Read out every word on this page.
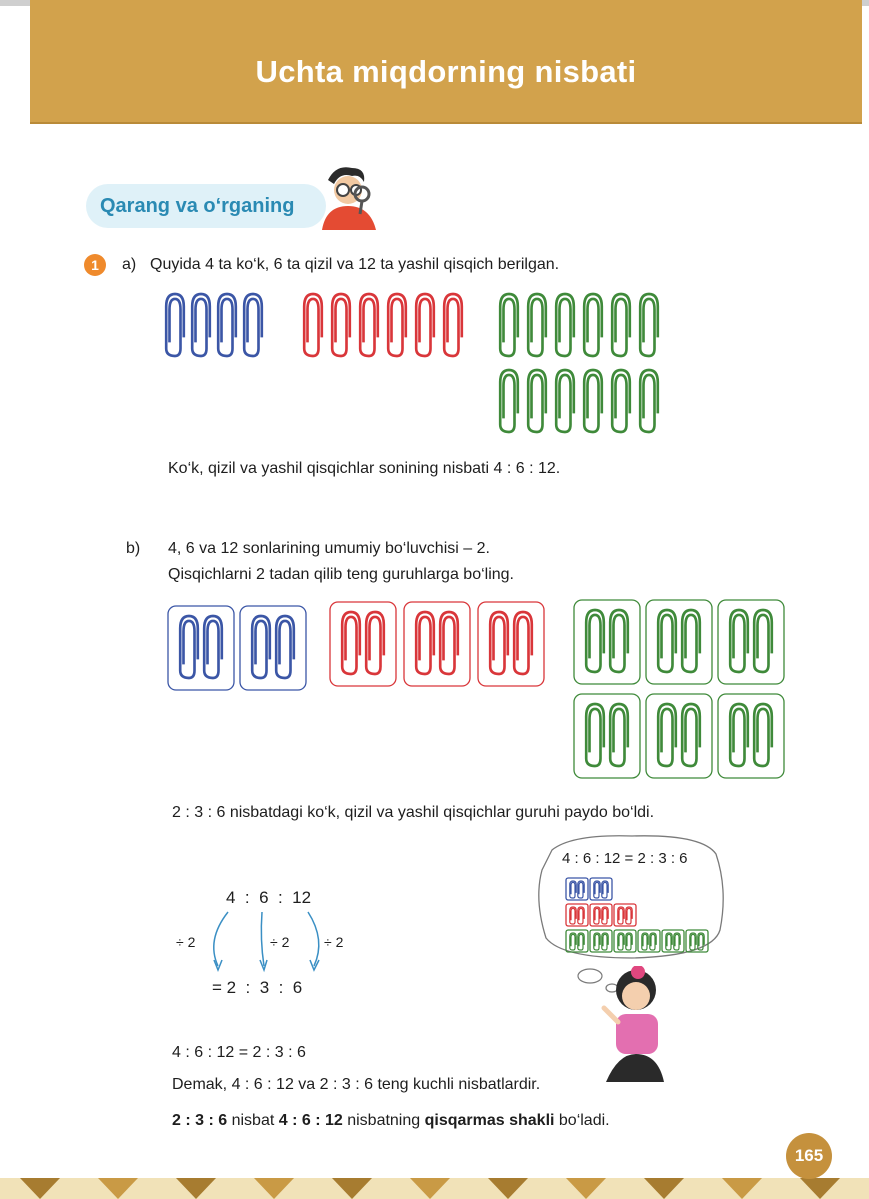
Uchta miqdorning nisbati
Qarang va o‘rganing
1	a) Quyida 4 ta ko‘k, 6 ta qizil va 12 ta yashil qisqich berilgan.
Ko‘k, qizil va yashil qisqichlar sonining nisbati 4 : 6 : 12.
b) 4, 6 va 12 sonlarining umumiy bo‘luvchisi – 2.
Qisqichlarni 2 tadan qilib teng guruhlarga bo‘ling.
2 : 3 : 6 nisbatdagi ko‘k, qizil va yashil qisqichlar guruhi paydo bo‘ldi.
4  :  6  :  12
÷ 2	÷ 2 ÷ 2
= 2  :  3  :  6
4 : 6 : 12 = 2 : 3 : 6
4 : 6 : 12 = 2 : 3 : 6
Demak, 4 : 6 : 12 va 2 : 3 : 6 teng kuchli nisbatlardir.
2 : 3 : 6 nisbat 4 : 6 : 12 nisbatning qisqarmas shakli bo‘ladi.
165
